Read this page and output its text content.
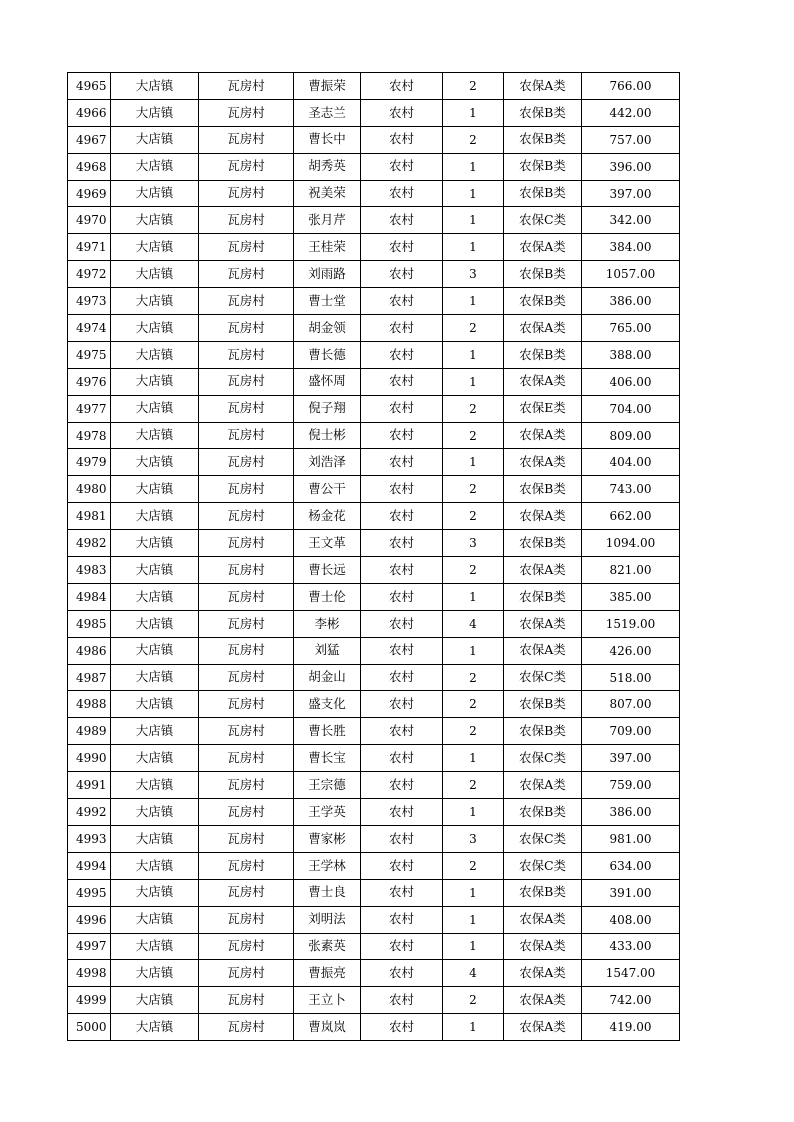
4965	大店镇	瓦房村	曹振荣	农村	2	农保A类	766.00
4966	大店镇	瓦房村	圣志兰	农村	1	农保B类	442.00
4967	大店镇	瓦房村	曹长中	农村	2	农保B类	757.00
4968	大店镇	瓦房村	胡秀英	农村	1	农保B类	396.00
4969	大店镇	瓦房村	祝美荣	农村	1	农保B类	397.00
4970	大店镇	瓦房村	张月芹	农村	1	农保C类	342.00
4971	大店镇	瓦房村	王桂荣	农村	1	农保A类	384.00
4972	大店镇	瓦房村	刘雨路	农村	3	农保B类	1057.00
4973	大店镇	瓦房村	曹士堂	农村	1	农保B类	386.00
4974	大店镇	瓦房村	胡金领	农村	2	农保A类	765.00
4975	大店镇	瓦房村	曹长德	农村	1	农保B类	388.00
4976	大店镇	瓦房村	盛怀周	农村	1	农保A类	406.00
4977	大店镇	瓦房村	倪子翔	农村	2	农保E类	704.00
4978	大店镇	瓦房村	倪士彬	农村	2	农保A类	809.00
4979	大店镇	瓦房村	刘浩泽	农村	1	农保A类	404.00
4980	大店镇	瓦房村	曹公干	农村	2	农保B类	743.00
4981	大店镇	瓦房村	杨金花	农村	2	农保A类	662.00
4982	大店镇	瓦房村	王文革	农村	3	农保B类	1094.00
4983	大店镇	瓦房村	曹长远	农村	2	农保A类	821.00
4984	大店镇	瓦房村	曹士伦	农村	1	农保B类	385.00
4985	大店镇	瓦房村	李彬	农村	4	农保A类	1519.00
4986	大店镇	瓦房村	刘猛	农村	1	农保A类	426.00
4987	大店镇	瓦房村	胡金山	农村	2	农保C类	518.00
4988	大店镇	瓦房村	盛支化	农村	2	农保B类	807.00
4989	大店镇	瓦房村	曹长胜	农村	2	农保B类	709.00
4990	大店镇	瓦房村	曹长宝	农村	1	农保C类	397.00
4991	大店镇	瓦房村	王宗德	农村	2	农保A类	759.00
4992	大店镇	瓦房村	王学英	农村	1	农保B类	386.00
4993	大店镇	瓦房村	曹家彬	农村	3	农保C类	981.00
4994	大店镇	瓦房村	王学林	农村	2	农保C类	634.00
4995	大店镇	瓦房村	曹士良	农村	1	农保B类	391.00
4996	大店镇	瓦房村	刘明法	农村	1	农保A类	408.00
4997	大店镇	瓦房村	张素英	农村	1	农保A类	433.00
4998	大店镇	瓦房村	曹振亮	农村	4	农保A类	1547.00
4999	大店镇	瓦房村	王立卜	农村	2	农保A类	742.00
5000	大店镇	瓦房村	曹岚岚	农村	1	农保A类	419.00
